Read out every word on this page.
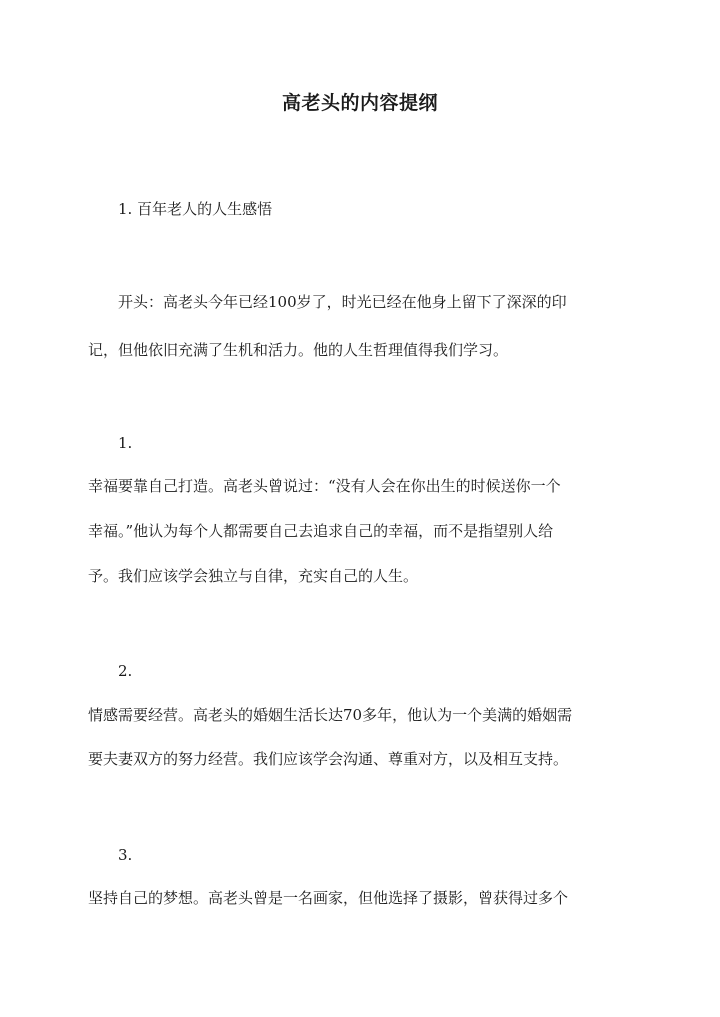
高老头的内容提纲
1. 百年老人的人生感悟
开头：高老头今年已经100岁了，时光已经在他身上留下了深深的印
记，但他依旧充满了生机和活力。他的人生哲理值得我们学习。
1.
幸福要靠自己打造。高老头曾说过：“没有人会在你出生的时候送你一个
幸福。”他认为每个人都需要自己去追求自己的幸福，而不是指望别人给
予。我们应该学会独立与自律，充实自己的人生。
2.
情感需要经营。高老头的婚姻生活长达70多年，他认为一个美满的婚姻需
要夫妻双方的努力经营。我们应该学会沟通、尊重对方，以及相互支持。
3.
坚持自己的梦想。高老头曾是一名画家，但他选择了摄影，曾获得过多个
